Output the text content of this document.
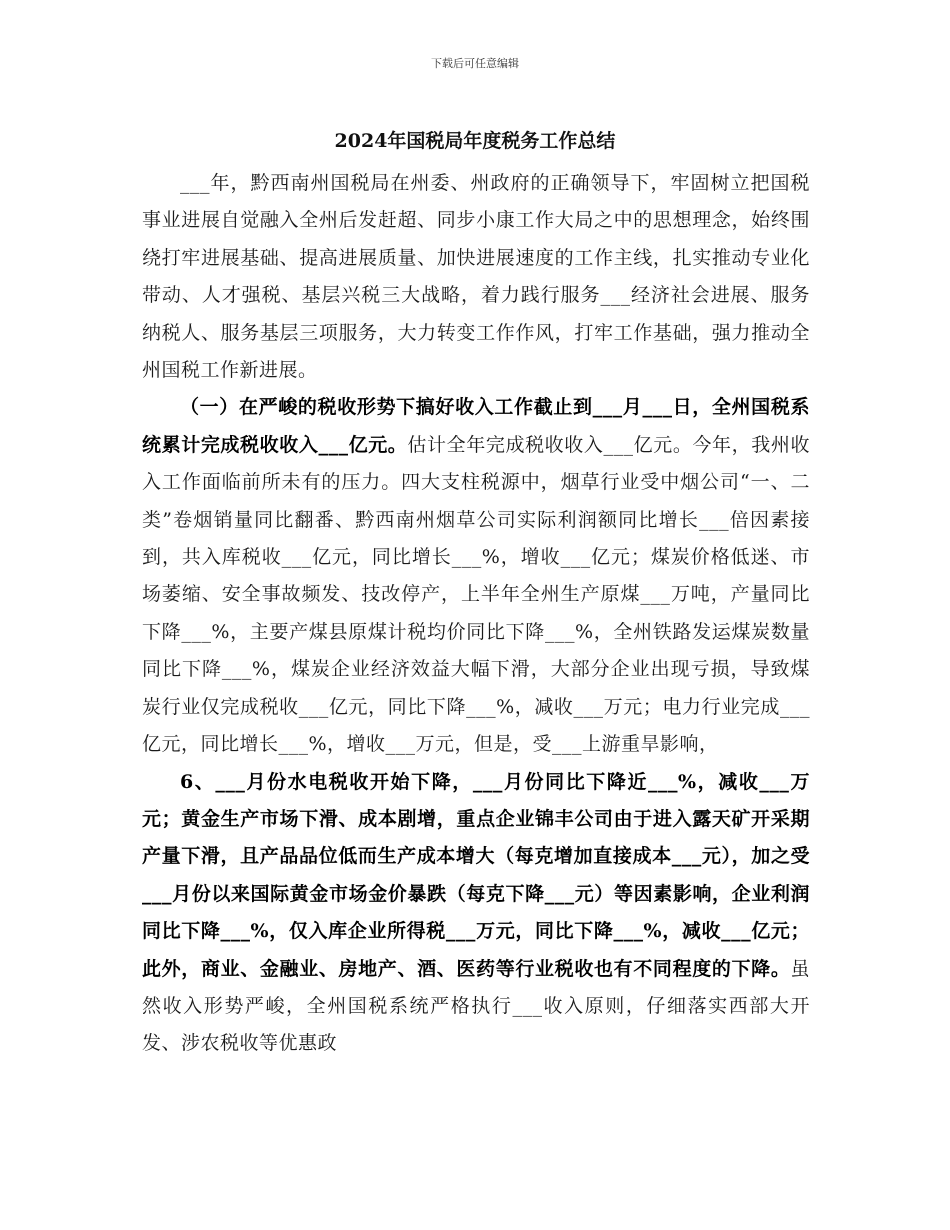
下载后可任意编辑
2024年国税局年度税务工作总结

___年，黔西南州国税局在州委、州政府的正确领导下，牢固树立把国税事业进展自觉融入全州后发赶超、同步小康工作大局之中的思想理念，始终围绕打牢进展基础、提高进展质量、加快进展速度的工作主线，扎实推动专业化带动、人才强税、基层兴税三大战略，着力践行服务___经济社会进展、服务纳税人、服务基层三项服务，大力转变工作作风，打牢工作基础，强力推动全州国税工作新进展。

（一）在严峻的税收形势下搞好收入工作截止到___月___日，全州国税系统累计完成税收收入___亿元。估计全年完成税收收入___亿元。今年，我州收入工作面临前所未有的压力。四大支柱税源中，烟草行业受中烟公司“一、二类”卷烟销量同比翻番、黔西南州烟草公司实际利润额同比增长___倍因素接到，共入库税收___亿元，同比增长___%，增收___亿元；煤炭价格低迷、市场萎缩、安全事故频发、技改停产，上半年全州生产原煤___万吨，产量同比下降___%，主要产煤县原煤计税均价同比下降___%，全州铁路发运煤炭数量同比下降___%，煤炭企业经济效益大幅下滑，大部分企业出现亏损，导致煤炭行业仅完成税收___亿元，同比下降___%，减收___万元；电力行业完成___亿元，同比增长___%，增收___万元，但是，受___上游重旱影响，

6、___月份水电税收开始下降，___月份同比下降近___%，减收___万元；黄金生产市场下滑、成本剧增，重点企业锦丰公司由于进入露天矿开采期产量下滑，且产品品位低而生产成本增大（每克增加直接成本___元），加之受___月份以来国际黄金市场金价暴跌（每克下降___元）等因素影响，企业利润同比下降___%，仅入库企业所得税___万元，同比下降___%，减收___亿元；此外，商业、金融业、房地产、酒、医药等行业税收也有不同程度的下降。虽然收入形势严峻，全州国税系统严格执行___收入原则，仔细落实西部大开发、涉农税收等优惠政
